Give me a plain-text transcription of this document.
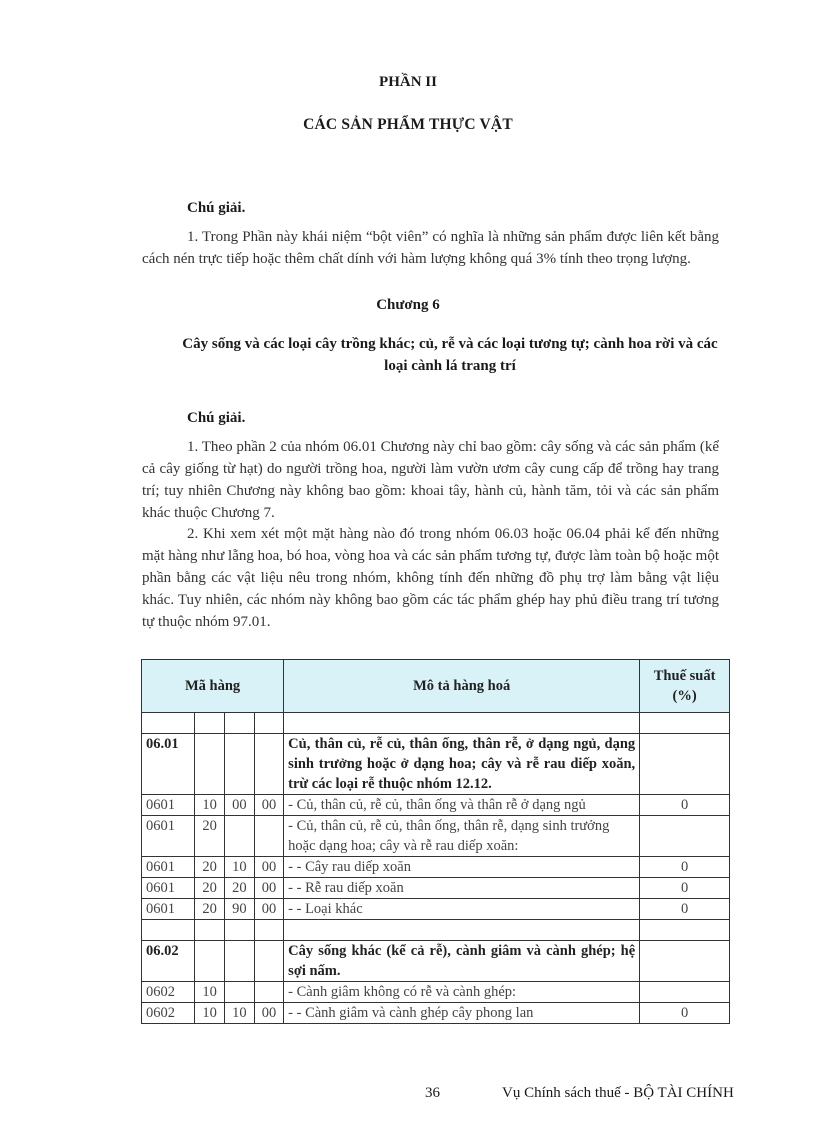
PHẦN II
CÁC SẢN PHẨM THỰC VẬT
Chú giải.
1. Trong Phần này khái niệm “bột viên” có nghĩa là những sản phẩm được liên kết bằng cách nén trực tiếp hoặc thêm chất dính với hàm lượng không quá 3% tính theo trọng lượng.
Chương 6
Cây sống và các loại cây trồng khác; củ, rễ và các loại tương tự; cành hoa rời và các loại cành lá trang trí
Chú giải.
1. Theo phần 2 của nhóm 06.01 Chương này chỉ bao gồm: cây sống và các sản phẩm (kể cả cây giống từ hạt) do người trồng hoa, người làm vườn ươm cây cung cấp để trồng hay trang trí; tuy nhiên Chương này không bao gồm: khoai tây, hành củ, hành tăm, tỏi và các sản phẩm khác thuộc Chương 7.
2. Khi xem xét một mặt hàng nào đó trong nhóm 06.03 hoặc 06.04 phải kể đến những mặt hàng như lẵng hoa, bó hoa, vòng hoa và các sản phẩm tương tự, được làm toàn bộ hoặc một phần bằng các vật liệu nêu trong nhóm, không tính đến những đồ phụ trợ làm bằng vật liệu khác. Tuy nhiên, các nhóm này không bao gồm các tác phẩm ghép hay phủ điều trang trí tương tự thuộc nhóm 97.01.
Mã hàng				Mô tả hàng hoá	Thuế suất (%)

06.01				Củ, thân củ, rễ củ, thân ống, thân rễ, ở dạng ngủ, dạng sinh trưởng hoặc ở dạng hoa; cây và rễ rau diếp xoăn, trừ các loại rễ thuộc nhóm 12.12.	
0601	10	00	00	- Củ, thân củ, rễ củ, thân ống và thân rễ ở dạng ngủ	0
0601	20			- Củ, thân củ, rễ củ, thân ống, thân rễ, dạng sinh trưởng hoặc dạng hoa; cây và rễ rau diếp xoăn:	
0601	20	10	00	- - Cây rau diếp xoăn	0
0601	20	20	00	- - Rễ rau diếp xoăn	0
0601	20	90	00	- - Loại khác	0

06.02				Cây sống khác (kể cả rễ), cành giâm và cành ghép; hệ sợi nấm.	
0602	10			- Cành giâm không có rễ và cành ghép:	
0602	10	10	00	- - Cành giâm và cành ghép cây phong lan	0
36	Vụ Chính sách thuế - BỘ TÀI CHÍNH
